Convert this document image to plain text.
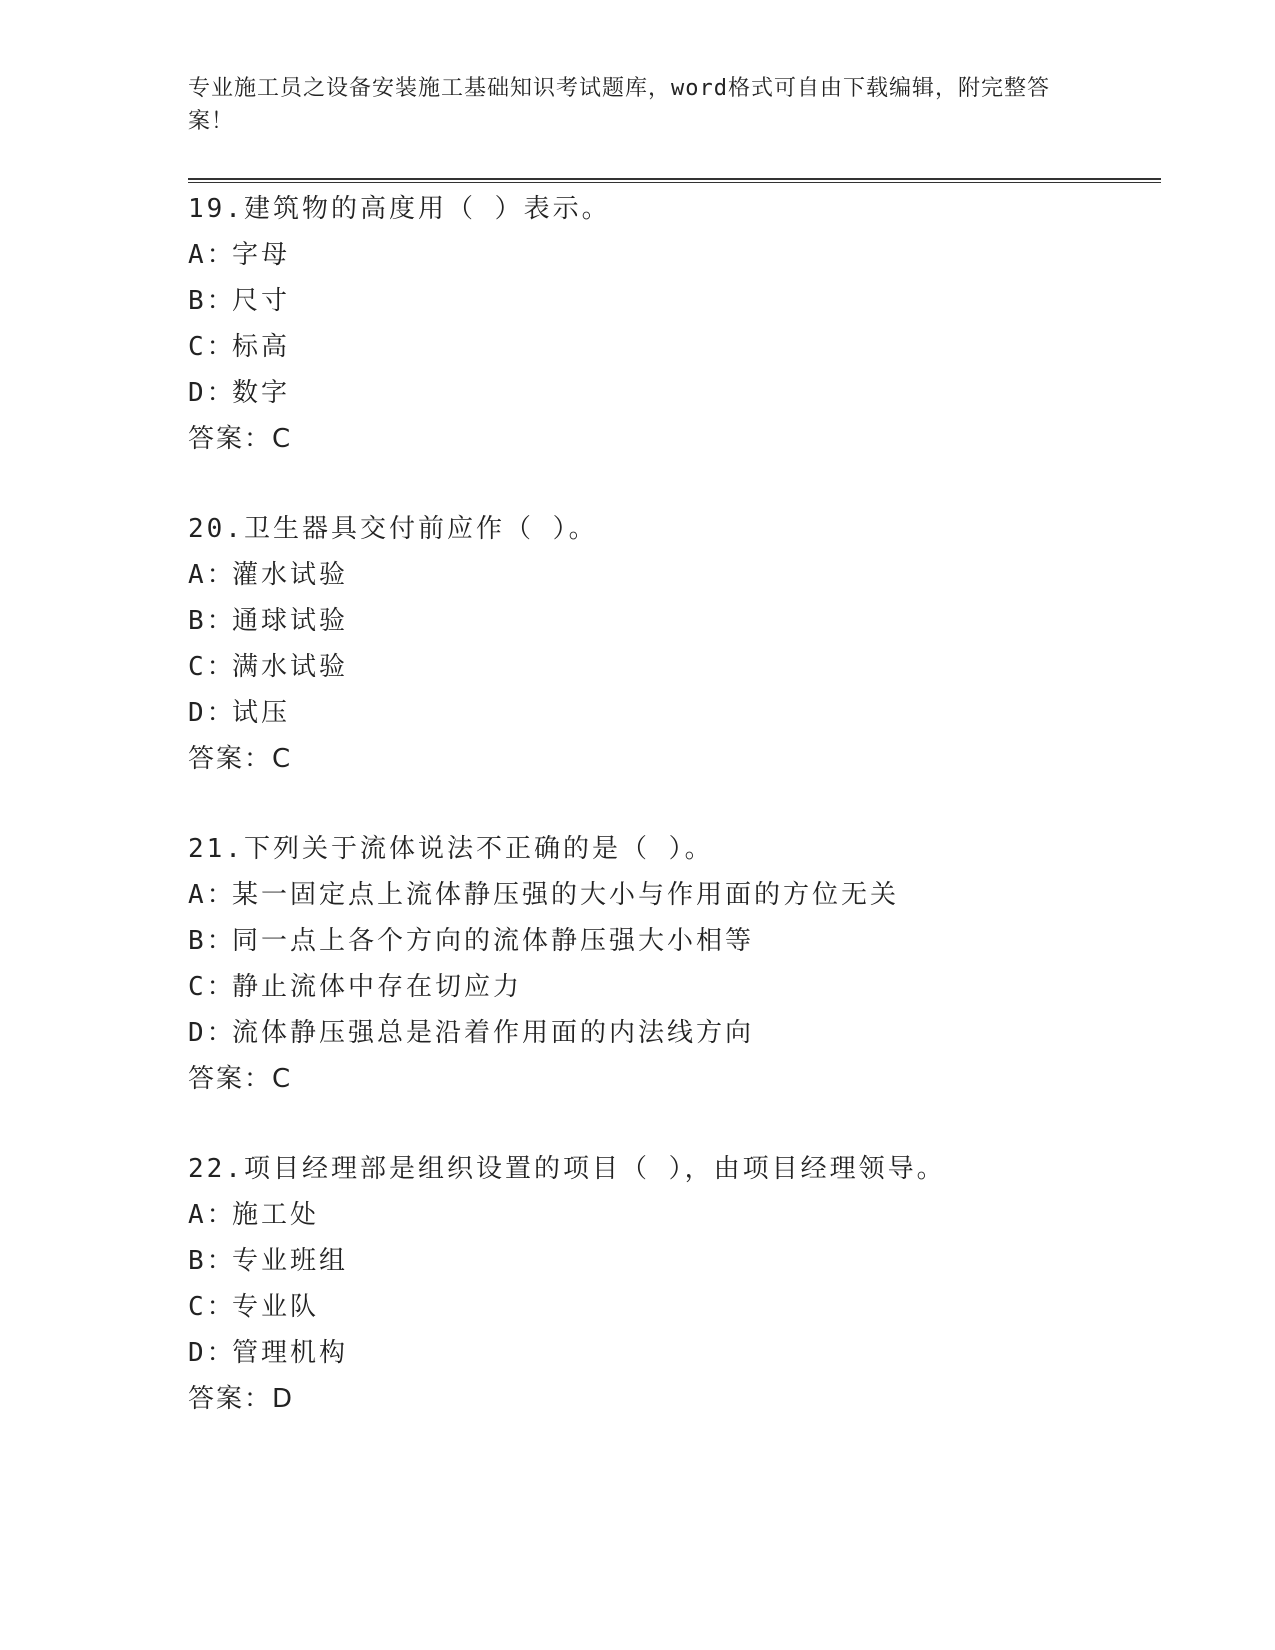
专业施工员之设备安装施工基础知识考试题库，word格式可自由下载编辑，附完整答案！
19.建筑物的高度用（ ）表示。
A：字母
B：尺寸
C：标高
D：数字
答案：C
20.卫生器具交付前应作（ ）。
A：灌水试验
B：通球试验
C：满水试验
D：试压
答案：C
21.下列关于流体说法不正确的是（ ）。
A：某一固定点上流体静压强的大小与作用面的方位无关
B：同一点上各个方向的流体静压强大小相等
C：静止流体中存在切应力
D：流体静压强总是沿着作用面的内法线方向
答案：C
22.项目经理部是组织设置的项目（ ），由项目经理领导。
A：施工处
B：专业班组
C：专业队
D：管理机构
答案：D
